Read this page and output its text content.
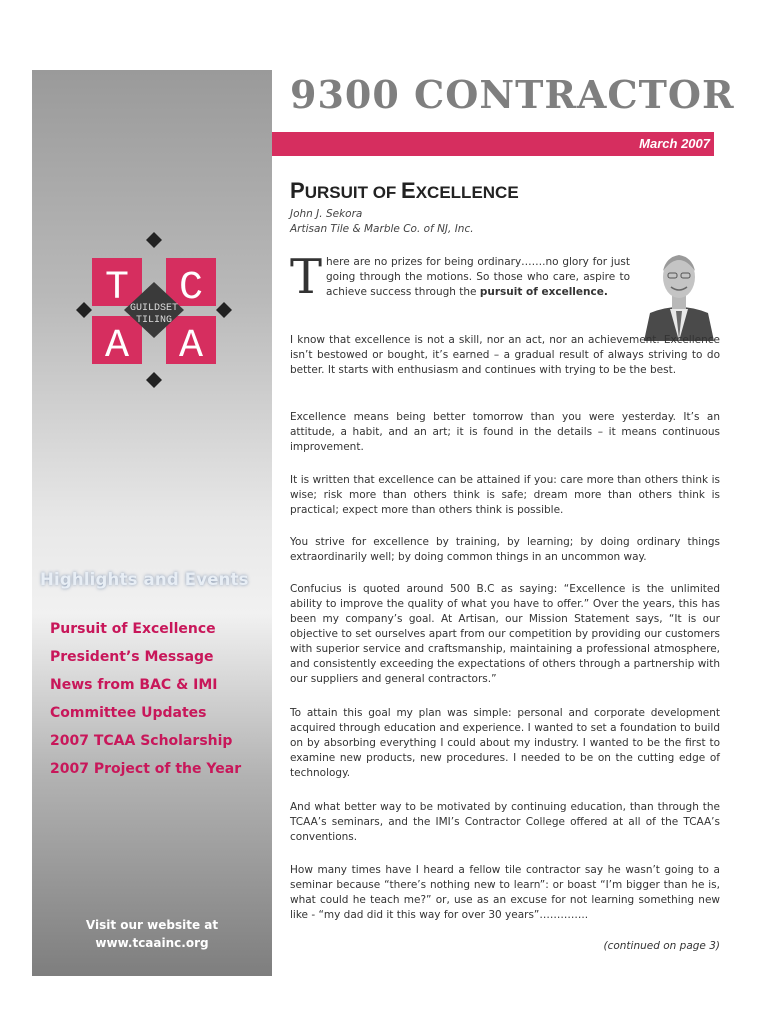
T C
A A
GUILDSET
TILING
Highlights and Events
Pursuit of Excellence
President’s Message
News from BAC & IMI
Committee Updates
2007 TCAA Scholarship
2007 Project of the Year
Visit our website at
www.tcaainc.org
9300 CONTRACTOR
March 2007
PURSUIT OF EXCELLENCE
John J. Sekora
Artisan Tile & Marble Co. of NJ, Inc.

There are no prizes for being ordinary…….no glory for just going through the motions. So those who care, aspire to achieve success through the pursuit of excellence.

I know that excellence is not a skill, nor an act, nor an achievement. Excellence isn’t bestowed or bought, it’s earned – a gradual result of always striving to do better. It starts with enthusiasm and continues with trying to be the best.

Excellence means being better tomorrow than you were yesterday. It’s an attitude, a habit, and an art; it is found in the details – it means continuous improvement.

It is written that excellence can be attained if you: care more than others think is wise; risk more than others think is safe; dream more than others think is practical; expect more than others think is possible.

You strive for excellence by training, by learning; by doing ordinary things extraordinarily well; by doing common things in an uncommon way.

Confucius is quoted around 500 B.C as saying: “Excellence is the unlimited ability to improve the quality of what you have to offer.” Over the years, this has been my company’s goal. At Artisan, our Mission Statement says, “It is our objective to set ourselves apart from our competition by providing our customers with superior service and craftsmanship, maintaining a professional atmosphere, and consistently exceeding the expectations of others through a partnership with our suppliers and general contractors.”

To attain this goal my plan was simple: personal and corporate development acquired through education and experience. I wanted to set a foundation to build on by absorbing everything I could about my industry. I wanted to be the first to examine new products, new procedures. I needed to be on the cutting edge of technology.

And what better way to be motivated by continuing education, than through the TCAA’s seminars, and the IMI’s Contractor College offered at all of the TCAA’s conventions.

How many times have I heard a fellow tile contractor say he wasn’t going to a seminar because “there’s nothing new to learn”: or boast “I’m bigger than he is, what could he teach me?” or, use as an excuse for not learning something new like - “my dad did it this way for over 30 years”…………..

(continued on page 3)
